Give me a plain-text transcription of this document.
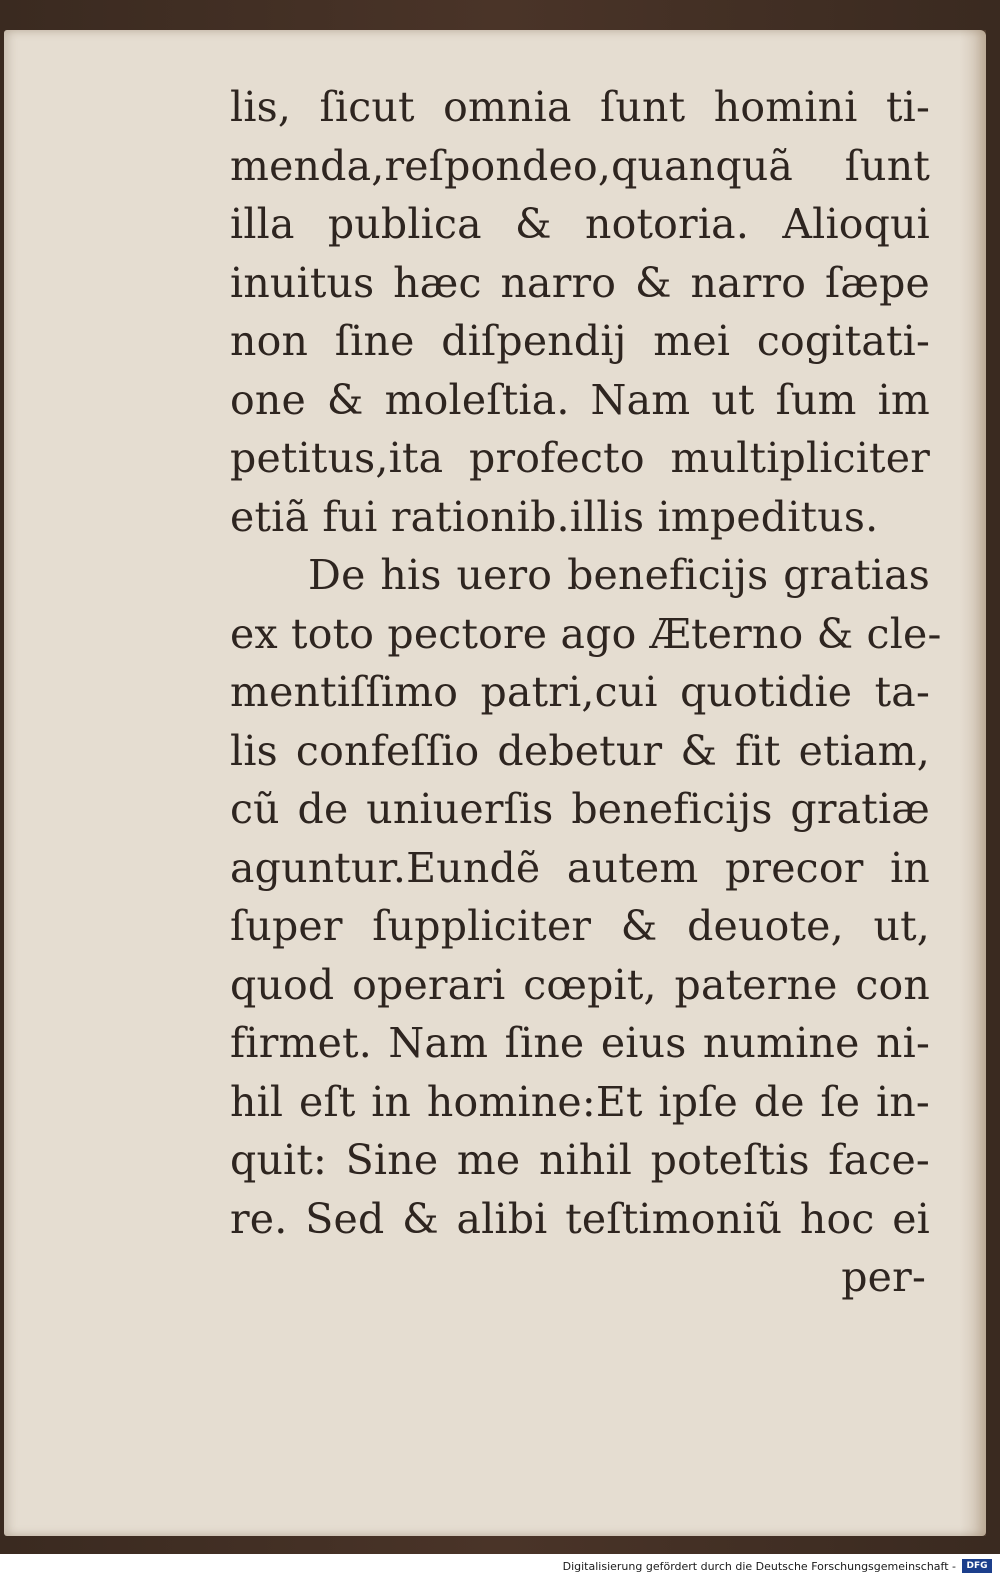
lis, ſicut omnia ſunt homini ti-
menda,reſpondeo,quanquã ſunt
illa publica & notoria. Alioqui
inuitus hæc narro & narro ſæpe
non ſine diſpendij mei cogitati-
one & moleſtia. Nam ut ſum im
petitus,ita profecto multipliciter
etiã fui rationib.illis impeditus.
De his uero beneficijs gratias
ex toto pectore ago Æterno & cle-
mentiſſimo patri,cui quotidie ta-
lis confeſſio debetur & fit etiam,
cũ de uniuerſis beneficijs gratiæ
aguntur.Eundẽ autem precor in
ſuper ſuppliciter & deuote, ut,
quod operari cœpit, paterne con
firmet. Nam ſine eius numine ni-
hil eſt in homine:Et ipſe de ſe in-
quit: Sine me nihil poteſtis face-
re. Sed & alibi teſtimoniũ hoc ei
per-
Digitalisierung gefördert durch die Deutsche Forschungsgemeinschaft -	DFG
